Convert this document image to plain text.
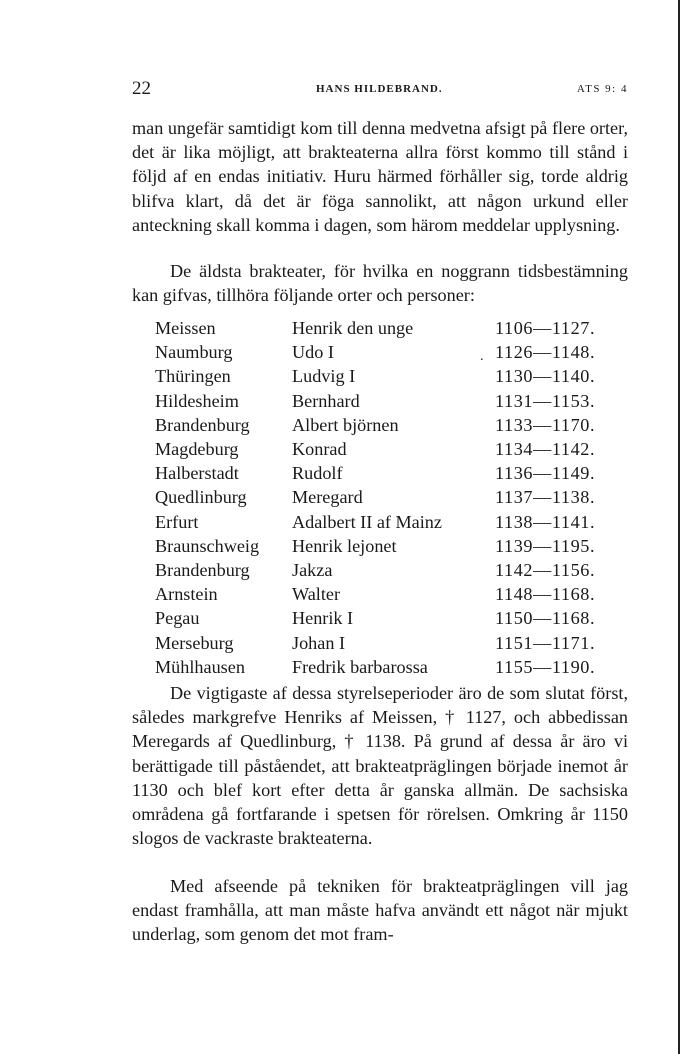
22	HANS HILDEBRAND.	ATS 9: 4
man ungefär samtidigt kom till denna medvetna afsigt på flere orter, det är lika möjligt, att brakteaterna allra först kommo till stånd i följd af en endas initiativ. Huru härmed förhåller sig, torde aldrig blifva klart, då det är föga sannolikt, att någon urkund eller anteckning skall komma i dagen, som härom meddelar upplysning.
De äldsta brakteater, för hvilka en noggrann tidsbestämning kan gifvas, tillhöra följande orter och personer:
Meissen	Henrik den unge	1106—1127.
Naumburg	Udo I	1126—1148.
Thüringen	Ludvig I	1130—1140.
Hildesheim	Bernhard	1131—1153.
Brandenburg	Albert björnen	1133—1170.
Magdeburg	Konrad	1134—1142.
Halberstadt	Rudolf	1136—1149.
Quedlinburg	Meregard	1137—1138.
Erfurt	Adalbert II af Mainz	1138—1141.
Braunschweig	Henrik lejonet	1139—1195.
Brandenburg	Jakza	1142—1156.
Arnstein	Walter	1148—1168.
Pegau	Henrik I	1150—1168.
Merseburg	Johan I	1151—1171.
Mühlhausen	Fredrik barbarossa	1155—1190.
.
De vigtigaste af dessa styrelseperioder äro de som slutat först, således markgrefve Henriks af Meissen, † 1127, och abbedissan Meregards af Quedlinburg, † 1138. På grund af dessa år äro vi berättigade till påståendet, att brakteatpräglingen började inemot år 1130 och blef kort efter detta år ganska allmän. De sachsiska områdena gå fortfarande i spetsen för rörelsen. Omkring år 1150 slogos de vackraste brakteaterna.
Med afseende på tekniken för brakteatpräglingen vill jag endast framhålla, att man måste hafva användt ett något när mjukt underlag, som genom det mot fram-
